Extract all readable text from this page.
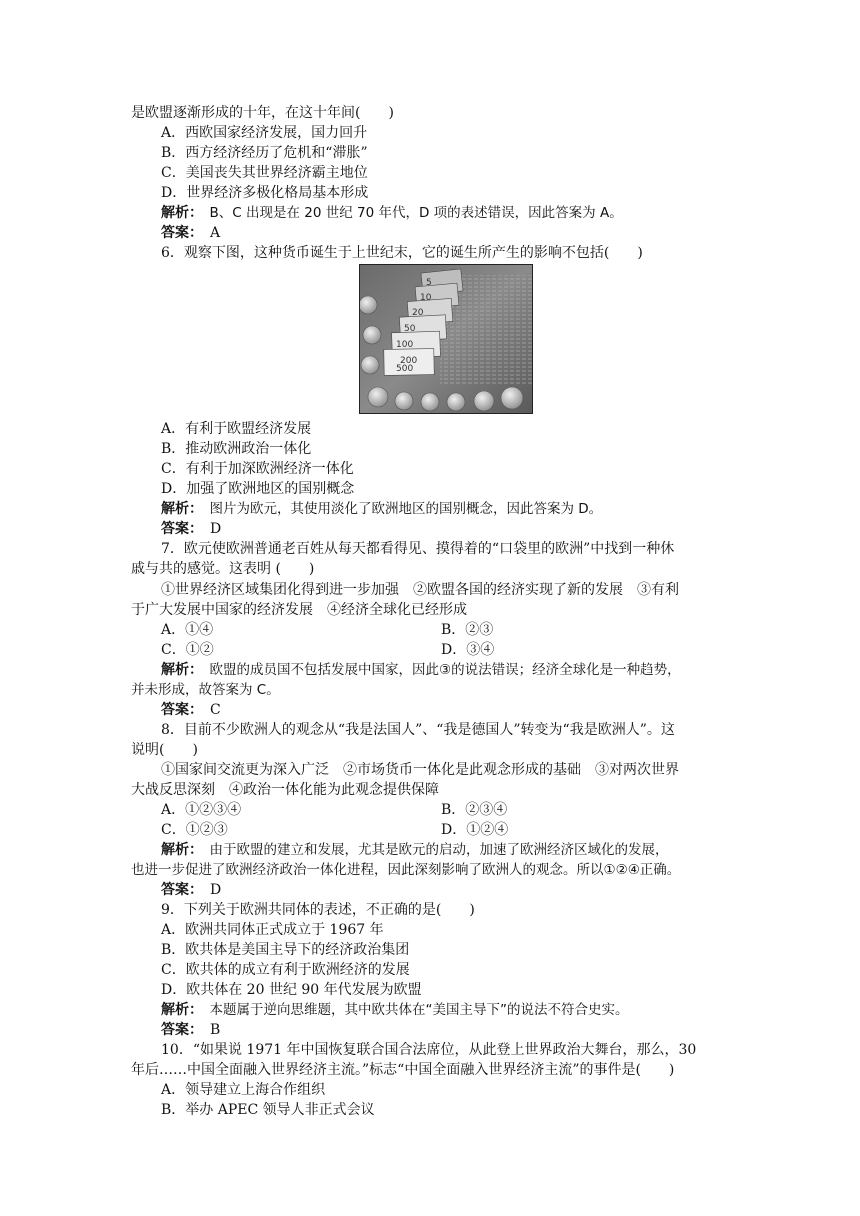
是欧盟逐渐形成的十年，在这十年间(　　)
A．西欧国家经济发展，国力回升
B．西方经济经历了危机和“滞胀”
C．美国丧失其世界经济霸主地位
D．世界经济多极化格局基本形成
解析：　B、C 出现是在 20 世纪 70 年代，D 项的表述错误，因此答案为 A。
答案：　A
6．观察下图，这种货币诞生于上世纪末，它的诞生所产生的影响不包括(　　)
5
10
20
50
100
200
500
A．有利于欧盟经济发展
B．推动欧洲政治一体化
C．有利于加深欧洲经济一体化
D．加强了欧洲地区的国别概念
解析：　图片为欧元，其使用淡化了欧洲地区的国别概念，因此答案为 D。
答案：　D
7．欧元使欧洲普通老百姓从每天都看得见、摸得着的“口袋里的欧洲”中找到一种休
戚与共的感觉。这表明 (　　)
①世界经济区域集团化得到进一步加强　②欧盟各国的经济实现了新的发展　③有利
于广大发展中国家的经济发展　④经济全球化已经形成
A．①④	B．②③
C．①②	D．③④
解析：　欧盟的成员国不包括发展中国家，因此③的说法错误；经济全球化是一种趋势，
并未形成，故答案为 C。
答案：　C
8．目前不少欧洲人的观念从“我是法国人”、“我是德国人”转变为“我是欧洲人”。这
说明(　　)
①国家间交流更为深入广泛　②市场货币一体化是此观念形成的基础　③对两次世界
大战反思深刻　④政治一体化能为此观念提供保障
A．①②③④	B．②③④
C．①②③	D．①②④
解析：　由于欧盟的建立和发展，尤其是欧元的启动，加速了欧洲经济区域化的发展，
也进一步促进了欧洲经济政治一体化进程，因此深刻影响了欧洲人的观念。所以①②④正确。
答案：　D
9．下列关于欧洲共同体的表述，不正确的是(　　)
A．欧洲共同体正式成立于 1967 年
B．欧共体是美国主导下的经济政治集团
C．欧共体的成立有利于欧洲经济的发展
D．欧共体在 20 世纪 90 年代发展为欧盟
解析：　本题属于逆向思维题，其中欧共体在“美国主导下”的说法不符合史实。
答案：　B
10．“如果说 1971 年中国恢复联合国合法席位，从此登上世界政治大舞台，那么，30
年后……中国全面融入世界经济主流。”标志“中国全面融入世界经济主流”的事件是(　　)
A．领导建立上海合作组织
B．举办 APEC 领导人非正式会议
